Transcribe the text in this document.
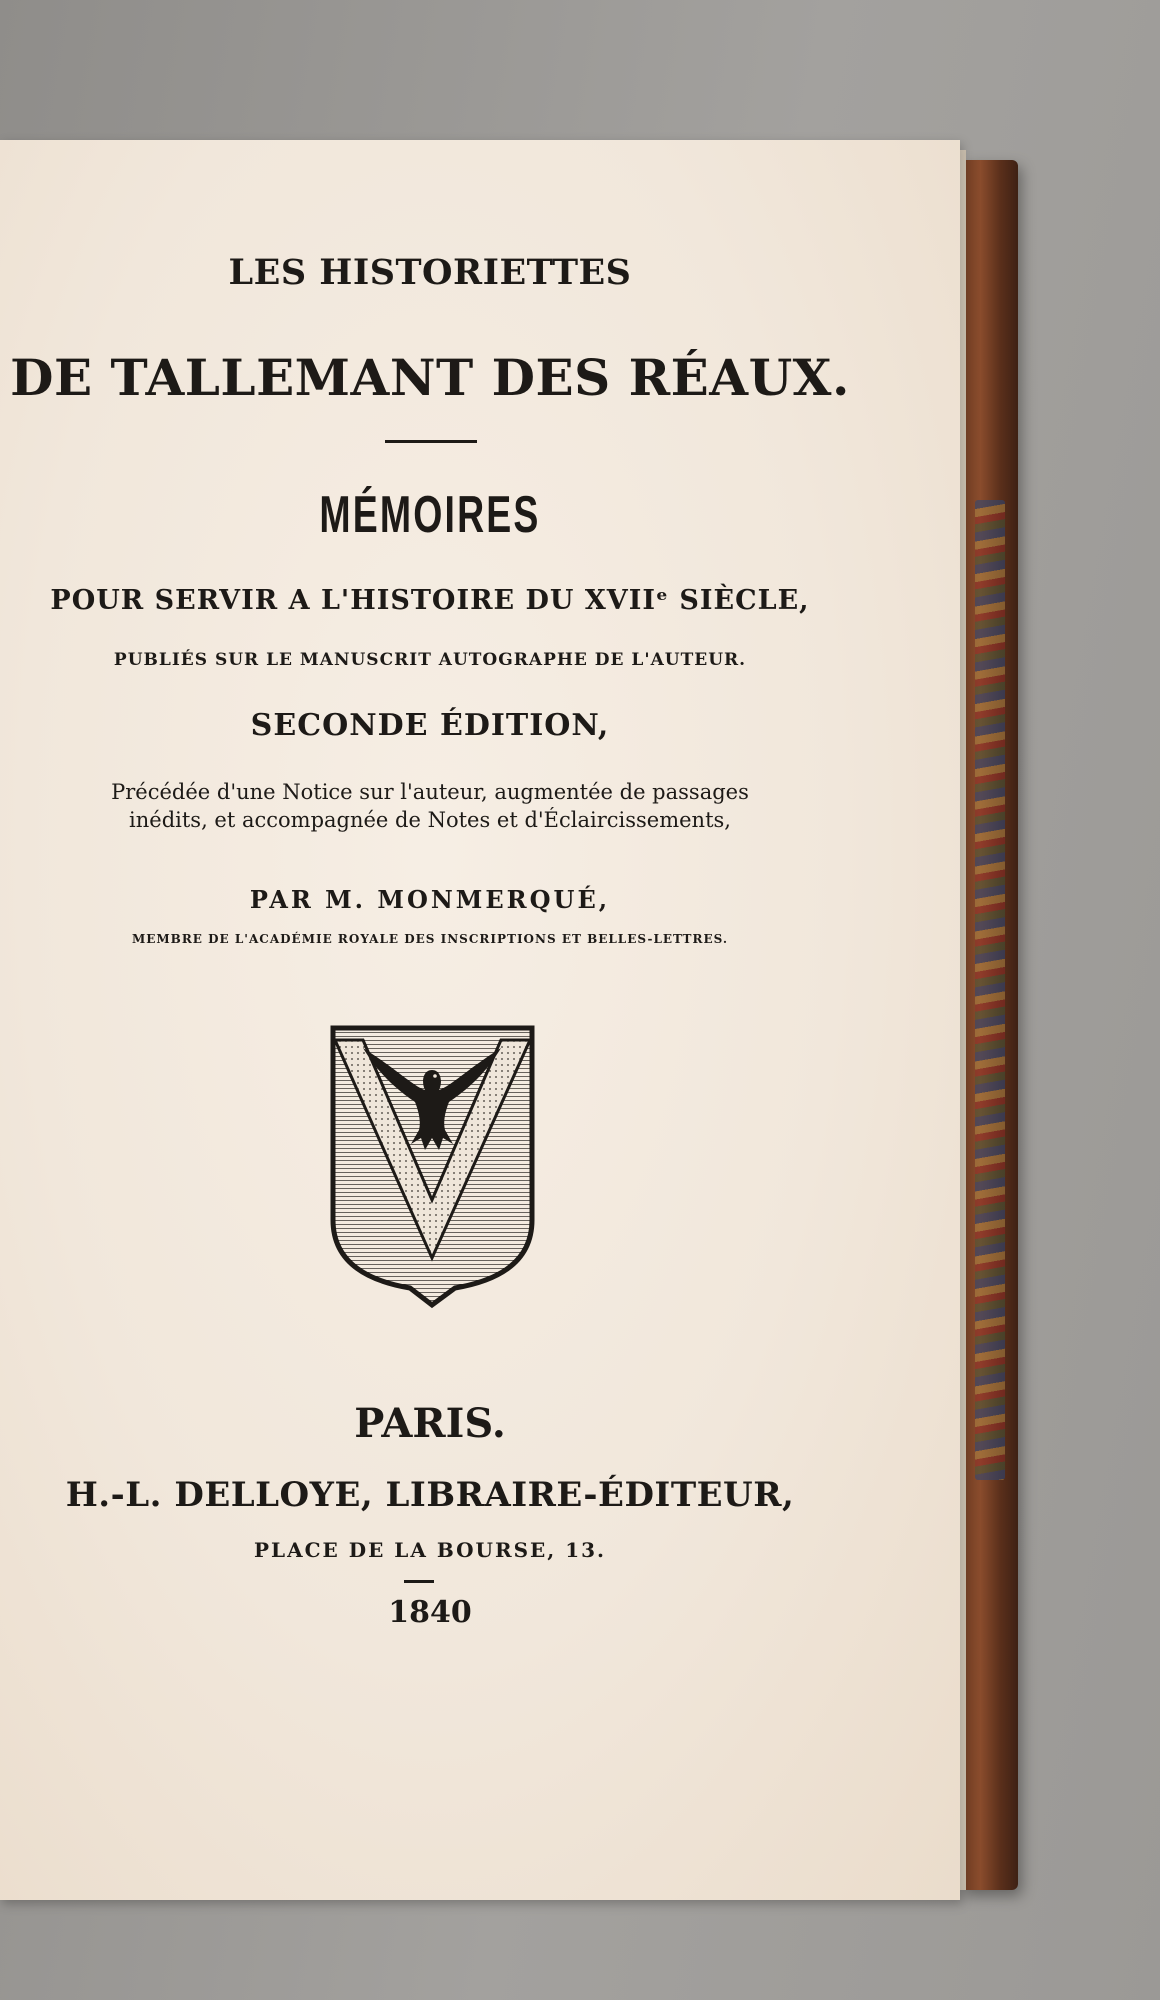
LES HISTORIETTES
DE TALLEMANT DES RÉAUX.
MÉMOIRES
POUR SERVIR A L'HISTOIRE DU XVIIᵉ SIÈCLE,
PUBLIÉS SUR LE MANUSCRIT AUTOGRAPHE DE L'AUTEUR.
SECONDE ÉDITION,
Précédée d'une Notice sur l'auteur, augmentée de passages
inédits, et accompagnée de Notes et d'Éclaircissements,
PAR M. MONMERQUÉ,
MEMBRE DE L'ACADÉMIE ROYALE DES INSCRIPTIONS ET BELLES-LETTRES.
PARIS.
H.-L. DELLOYE, LIBRAIRE-ÉDITEUR,
PLACE DE LA BOURSE, 13.
1840
